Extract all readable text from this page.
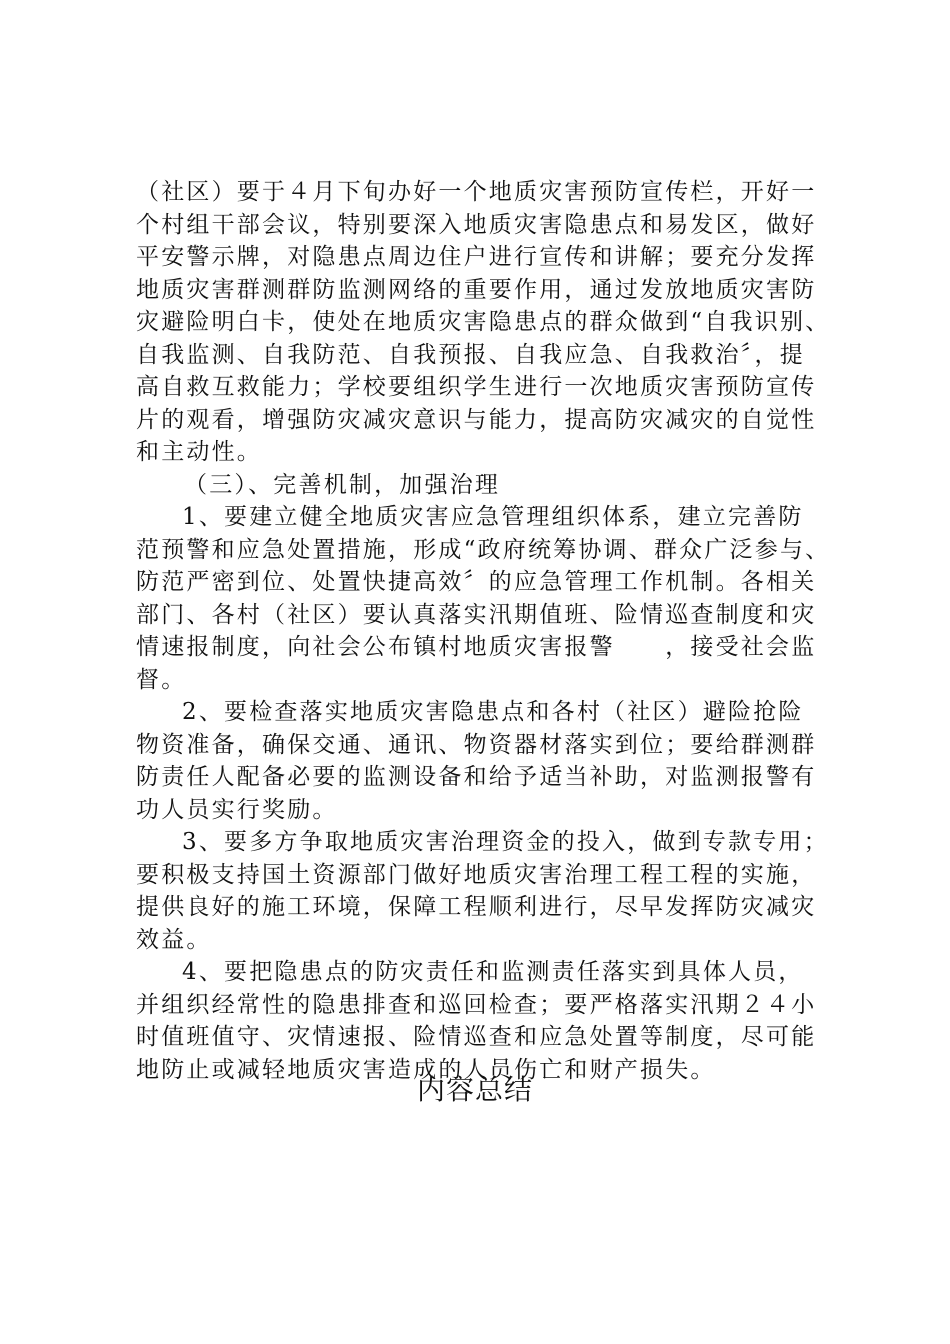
（社区）要于４月下旬办好一个地质灾害预防宣传栏，开好一

个村组干部会议，特别要深入地质灾害隐患点和易发区，做好

平安警示牌，对隐患点周边住户进行宣传和讲解；要充分发挥

地质灾害群测群防监测网络的重要作用，通过发放地质灾害防

灾避险明白卡，使处在地质灾害隐患点的群众做到“自我识别、

自我监测、自我防范、自我预报、自我应急、自我救治〞，提

高自救互救能力；学校要组织学生进行一次地质灾害预防宣传

片的观看，增强防灾减灾意识与能力，提高防灾减灾的自觉性

和主动性。

（三）、完善机制，加强治理

1、要建立健全地质灾害应急管理组织体系，建立完善防

范预警和应急处置措施，形成“政府统筹协调、群众广泛参与、

防范严密到位、处置快捷高效〞的应急管理工作机制。各相关

部门、各村（社区）要认真落实汛期值班、险情巡查制度和灾

情速报制度，向社会公布镇村地质灾害报警　　，接受社会监

督。

2、要检查落实地质灾害隐患点和各村（社区）避险抢险

物资准备，确保交通、通讯、物资器材落实到位；要给群测群

防责任人配备必要的监测设备和给予适当补助，对监测报警有

功人员实行奖励。

3、要多方争取地质灾害治理资金的投入，做到专款专用；

要积极支持国土资源部门做好地质灾害治理工程工程的实施，

提供良好的施工环境，保障工程顺利进行，尽早发挥防灾减灾

效益。

4、要把隐患点的防灾责任和监测责任落实到具体人员，

并组织经常性的隐患排查和巡回检查；要严格落实汛期２４小

时值班值守、灾情速报、险情巡查和应急处置等制度，尽可能

地防止或减轻地质灾害造成的人员伤亡和财产损失。

内容总结
